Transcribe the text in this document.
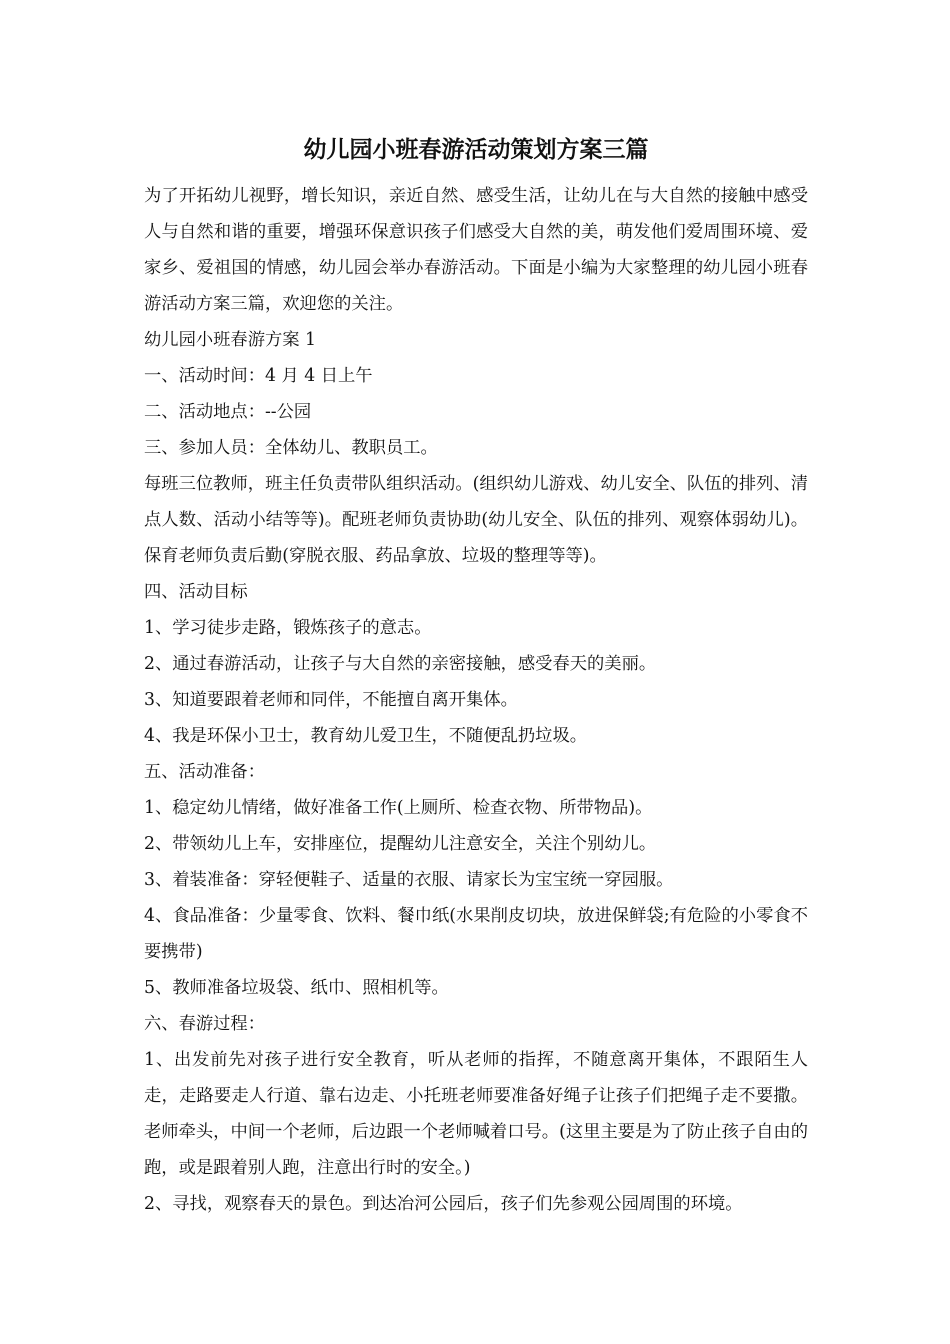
幼儿园小班春游活动策划方案三篇

为了开拓幼儿视野，增长知识，亲近自然、感受生活，让幼儿在与大自然的接触中感受人与自然和谐的重要，增强环保意识孩子们感受大自然的美，萌发他们爱周围环境、爱家乡、爱祖国的情感，幼儿园会举办春游活动。下面是小编为大家整理的幼儿园小班春游活动方案三篇，欢迎您的关注。

幼儿园小班春游方案 1

一、活动时间：4 月 4 日上午

二、活动地点：--公园

三、参加人员：全体幼儿、教职员工。

每班三位教师，班主任负责带队组织活动。(组织幼儿游戏、幼儿安全、队伍的排列、清点人数、活动小结等等)。配班老师负责协助(幼儿安全、队伍的排列、观察体弱幼儿)。保育老师负责后勤(穿脱衣服、药品拿放、垃圾的整理等等)。

四、活动目标

1、学习徒步走路，锻炼孩子的意志。

2、通过春游活动，让孩子与大自然的亲密接触，感受春天的美丽。

3、知道要跟着老师和同伴，不能擅自离开集体。

4、我是环保小卫士，教育幼儿爱卫生，不随便乱扔垃圾。

五、活动准备：

1、稳定幼儿情绪，做好准备工作(上厕所、检查衣物、所带物品)。

2、带领幼儿上车，安排座位，提醒幼儿注意安全，关注个别幼儿。

3、着装准备：穿轻便鞋子、适量的衣服、请家长为宝宝统一穿园服。

4、食品准备：少量零食、饮料、餐巾纸(水果削皮切块，放进保鲜袋;有危险的小零食不要携带)

5、教师准备垃圾袋、纸巾、照相机等。

六、春游过程：

1、出发前先对孩子进行安全教育，听从老师的指挥，不随意离开集体，不跟陌生人走，走路要走人行道、靠右边走、小托班老师要准备好绳子让孩子们把绳子走不要撒。老师牵头，中间一个老师，后边跟一个老师喊着口号。(这里主要是为了防止孩子自由的跑，或是跟着别人跑，注意出行时的安全。)

2、寻找，观察春天的景色。到达冶河公园后，孩子们先参观公园周围的环境。
